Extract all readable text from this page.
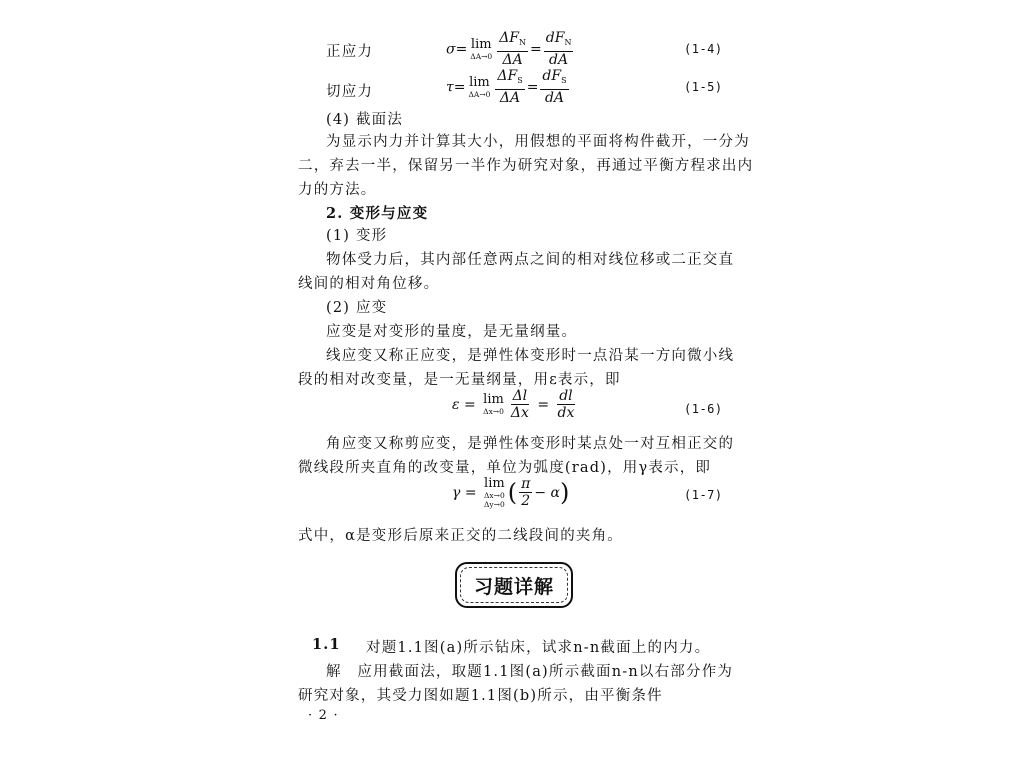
正应力	σ= lim
$\Delta A\to 0 \frac{\Delta F_N}{\Delta A} = \frac{dF_N}{dA}$	(1-4)
切应力	τ= lim
$\Delta A\to 0 \frac{\Delta F_S}{\Delta A} = \frac{dF_S}{dA}$	(1-5)
(4) 截面法
为显示内力并计算其大小，用假想的平面将构件截开，一分为
二，弃去一半，保留另一半作为研究对象，再通过平衡方程求出内
力的方法。
2. 变形与应变
(1) 变形
物体受力后，其内部任意两点之间的相对线位移或二正交直
线间的相对角位移。
(2) 应变
应变是对变形的量度，是无量纲量。
线应变又称正应变，是弹性体变形时一点沿某一方向微小线
段的相对改变量，是一无量纲量，用ε表示，即
ε = lim
$\Delta x\to 0 \frac{\Delta l}{\Delta x} = \frac{dl}{dx}$	(1-6)
角应变又称剪应变，是弹性体变形时某点处一对互相正交的
微线段所夹直角的改变量，单位为弧度(rad)，用γ表示，即
γ =
lim
Δx→0
Δy→0 ( $\frac{\pi}{2} - \alpha$)	(1-7)
式中，α是变形后原来正交的二线段间的夹角。
习题详解
1.1 对题1.1图(a)所示钻床，试求n-n截面上的内力。
解　应用截面法，取题1.1图(a)所示截面n-n以右部分作为
研究对象，其受力图如题1.1图(b)所示，由平衡条件
· 2 ·
